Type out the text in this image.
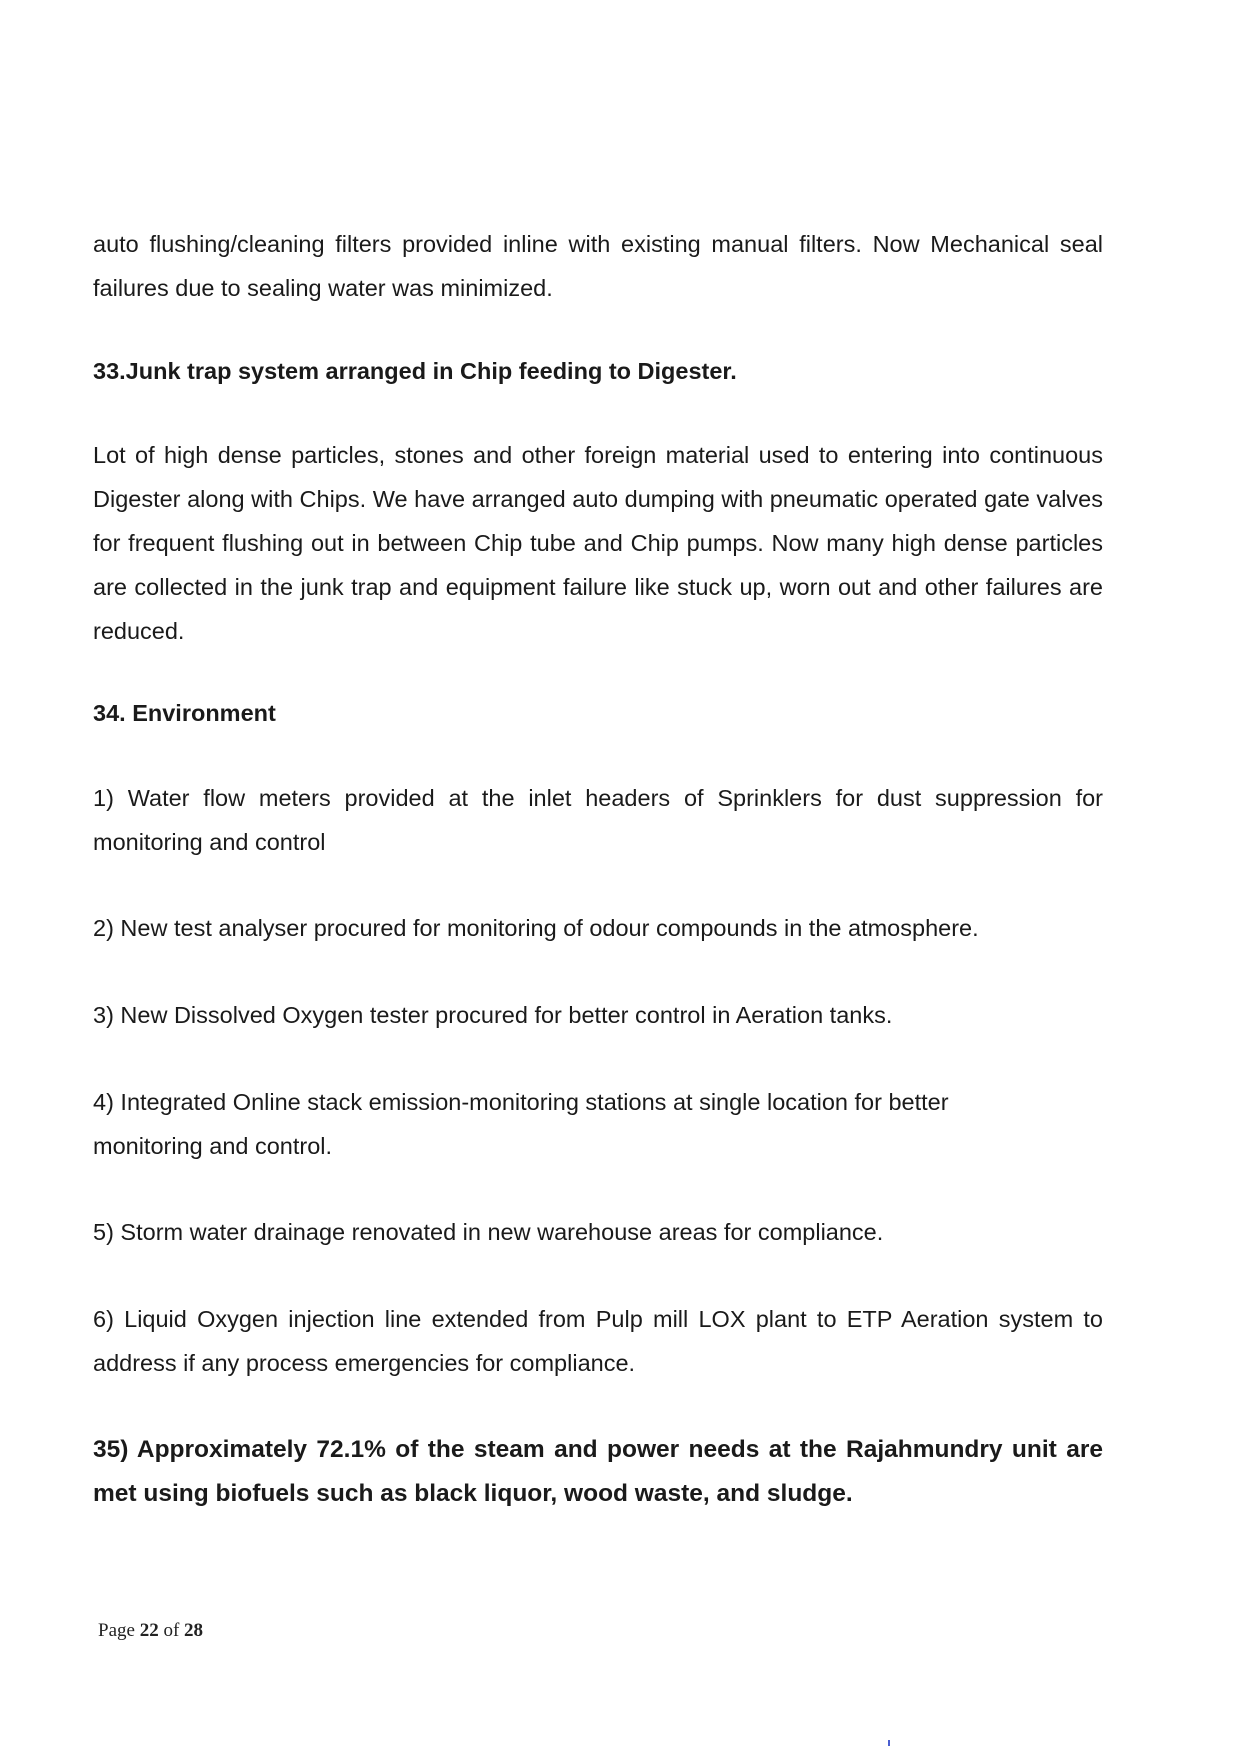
auto flushing/cleaning filters provided inline with existing manual filters. Now Mechanical seal failures due to sealing water was minimized.

33.Junk trap system arranged in Chip feeding to Digester.

Lot of high dense particles, stones and other foreign material used to entering into continuous Digester along with Chips. We have arranged auto dumping with pneumatic operated gate valves for frequent flushing out in between Chip tube and Chip pumps. Now many high dense particles are collected in the junk trap and equipment failure like stuck up, worn out and other failures are reduced.

34. Environment

1) Water flow meters provided at the inlet headers of Sprinklers for dust suppression for monitoring and control

2) New test analyser procured for monitoring of odour compounds in the atmosphere.

3) New Dissolved Oxygen tester procured for better control in Aeration tanks.

4) Integrated Online stack emission-monitoring stations at single location for better monitoring and control.

5) Storm water drainage renovated in new warehouse areas for compliance.

6) Liquid Oxygen injection line extended from Pulp mill LOX plant to ETP Aeration system to address if any process emergencies for compliance.

35) Approximately 72.1% of the steam and power needs at the Rajahmundry unit are met using biofuels such as black liquor, wood waste, and sludge.

Page 22 of 28
